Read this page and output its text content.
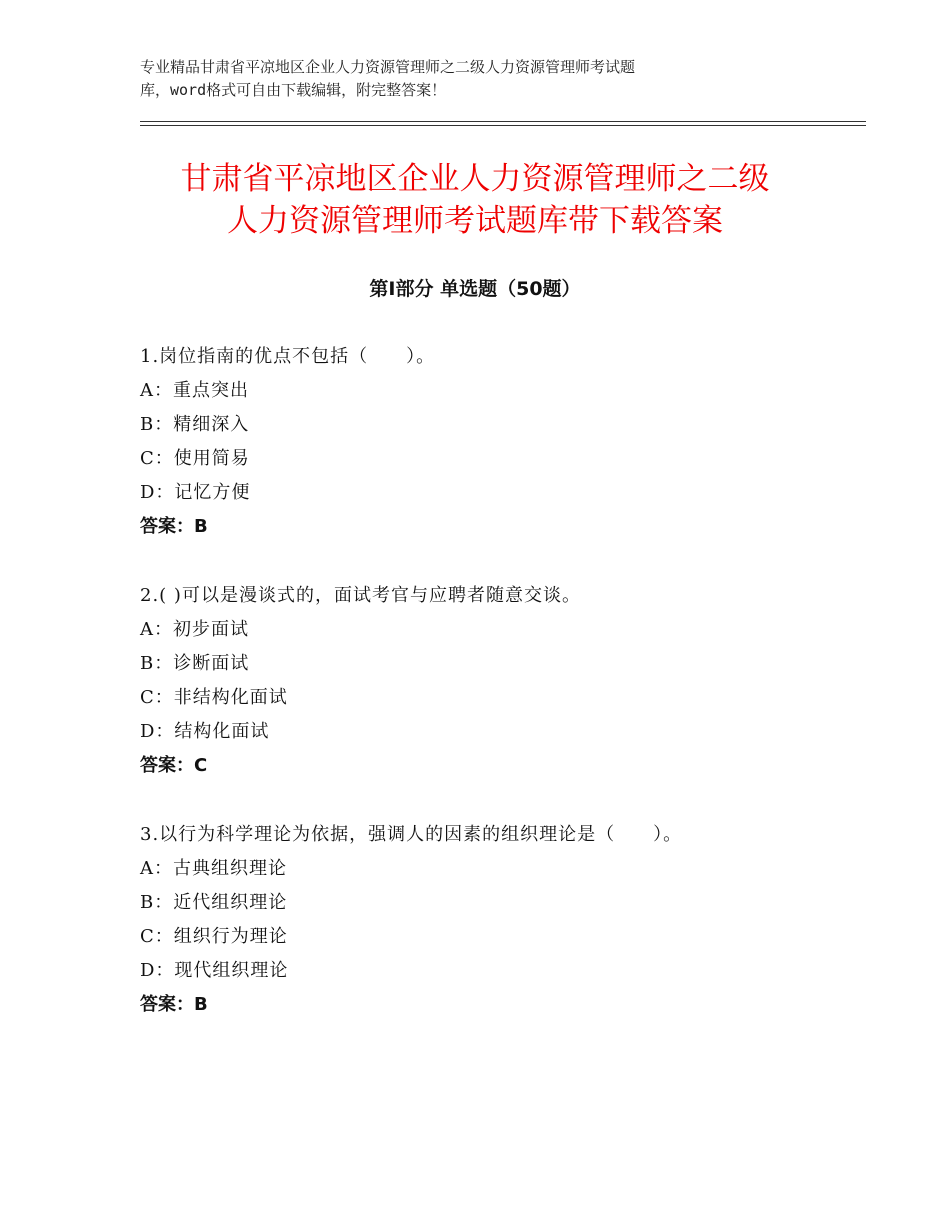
专业精品甘肃省平凉地区企业人力资源管理师之二级人力资源管理师考试题
库，word格式可自由下载编辑，附完整答案！
甘肃省平凉地区企业人力资源管理师之二级
人力资源管理师考试题库带下载答案
第Ⅰ部分 单选题（50题）
1.岗位指南的优点不包括（　　）。
A：重点突出
B：精细深入
C：使用简易
D：记忆方便
答案：B
2.( )可以是漫谈式的，面试考官与应聘者随意交谈。
A：初步面试
B：诊断面试
C：非结构化面试
D：结构化面试
答案：C
3.以行为科学理论为依据，强调人的因素的组织理论是（　　）。
A：古典组织理论
B：近代组织理论
C：组织行为理论
D：现代组织理论
答案：B
